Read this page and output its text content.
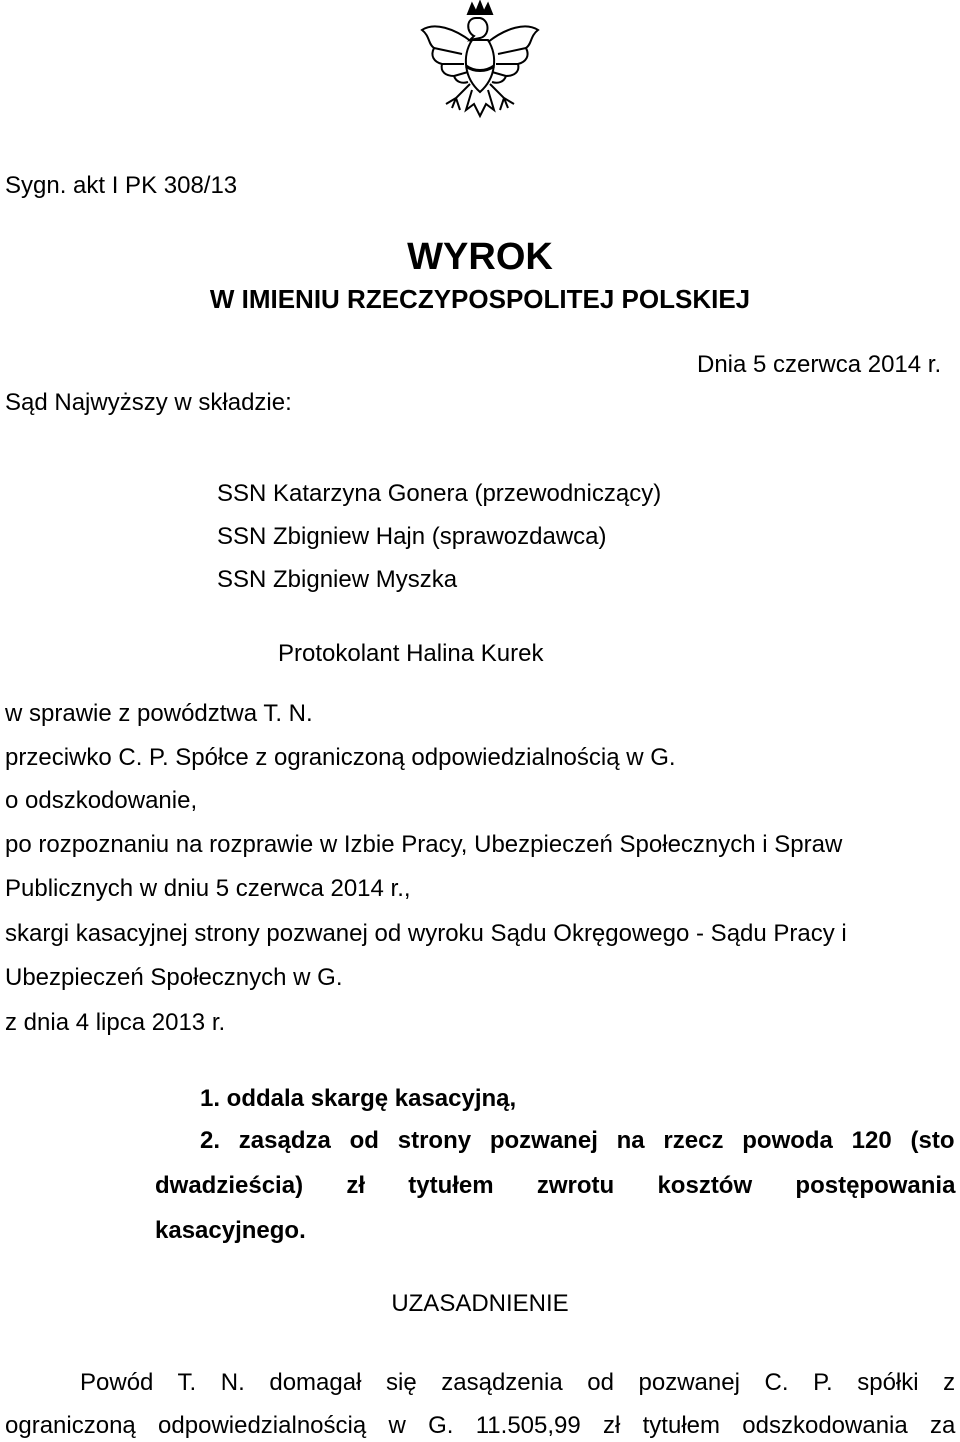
Sygn. akt I PK 308/13

WYROK

W IMIENIU RZECZYPOSPOLITEJ POLSKIEJ

Dnia 5 czerwca 2014 r.

Sąd Najwyższy w składzie:

SSN Katarzyna Gonera (przewodniczący)

SSN Zbigniew Hajn (sprawozdawca)

SSN Zbigniew Myszka

Protokolant Halina Kurek

w sprawie z powództwa T. N.

przeciwko C. P. Spółce z ograniczoną odpowiedzialnością w G.

o odszkodowanie,

po rozpoznaniu na rozprawie w Izbie Pracy, Ubezpieczeń Społecznych i Spraw

Publicznych w dniu 5 czerwca 2014 r.,

skargi kasacyjnej strony pozwanej od wyroku Sądu Okręgowego - Sądu Pracy i

Ubezpieczeń Społecznych w G.

z dnia 4 lipca 2013 r.

1. oddala skargę kasacyjną,

2. zasądza od strony pozwanej na rzecz powoda 120 (sto

dwadzieścia) zł tytułem zwrotu kosztów postępowania

kasacyjnego.

UZASADNIENIE

Powód T. N. domagał się zasądzenia od pozwanej C. P. spółki z

ograniczoną odpowiedzialnością w G. 11.505,99 zł tytułem odszkodowania za
